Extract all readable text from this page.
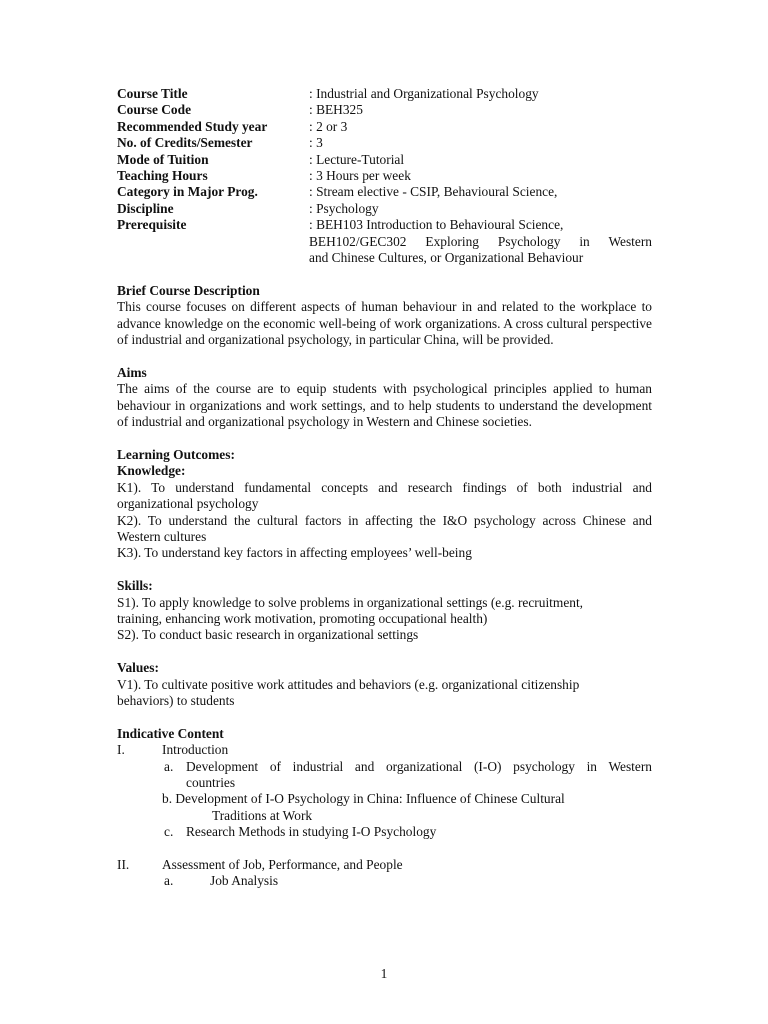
Course Title	: Industrial and Organizational Psychology
Course Code	: BEH325
Recommended Study year	: 2 or 3
No. of Credits/Semester	: 3
Mode of Tuition	: Lecture-Tutorial
Teaching Hours	: 3 Hours per week
Category in Major Prog.	: Stream elective - CSIP, Behavioural Science,
Discipline	: Psychology
Prerequisite	: BEH103 Introduction to Behavioural Science,
BEH102/GEC302 Exploring Psychology in Western
and Chinese Cultures, or Organizational Behaviour
Brief Course Description
This course focuses on different aspects of human behaviour in and related to the workplace to advance knowledge on the economic well-being of work organizations. A cross cultural perspective of industrial and organizational psychology, in particular China, will be provided.
Aims
The aims of the course are to equip students with psychological principles applied to human behaviour in organizations and work settings, and to help students to understand the development of industrial and organizational psychology in Western and Chinese societies.
Learning Outcomes:
Knowledge:
K1). To understand fundamental concepts and research findings of both industrial and organizational psychology
K2). To understand the cultural factors in affecting the I&O psychology across Chinese and Western cultures
K3). To understand key factors in affecting employees’ well-being
Skills:
S1). To apply knowledge to solve problems in organizational settings (e.g. recruitment,
training, enhancing work motivation, promoting occupational health)
S2). To conduct basic research in organizational settings
Values:
V1). To cultivate positive work attitudes and behaviors (e.g. organizational citizenship
behaviors) to students
Indicative Content
I.	Introduction
a. Development of industrial and organizational (I-O) psychology in Western
countries
b. Development of I-O Psychology in China: Influence of Chinese Cultural
Traditions at Work
c. Research Methods in studying I-O Psychology
II.	Assessment of Job, Performance, and People
a.	Job Analysis
1
